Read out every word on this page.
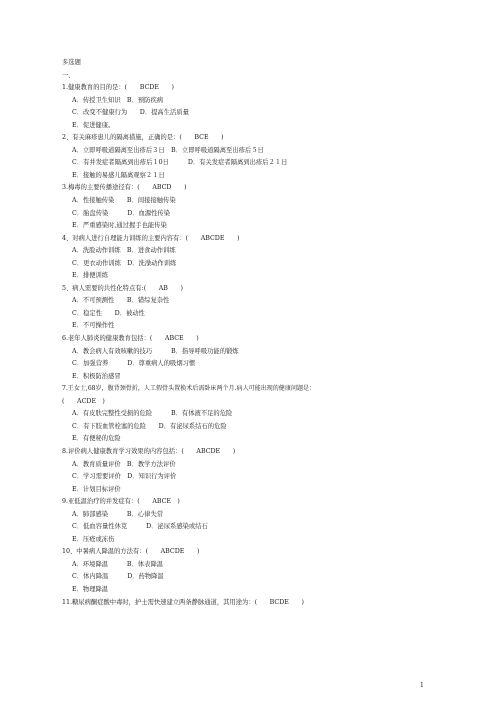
多选题
一、
1.健康教育的目的是：(　　BCDE　　)
A．传授卫生知识　B．预防疾病
C．改变不健康行为　　D．提高生活质量
E．促进健康。
2、有关麻疹患儿的隔离措施，正确的是：(　　BCE　　)
A．立即呼吸道隔离至出疹后３日　B．立即呼吸道隔离至出疹后５日
C．有并发症者隔离到出疹后１0日　　　D．有关发症者隔离到出疹后２１日
E．接触的易感儿隔离观察２１日
3.梅毒的主要传播途径有：(　　ABCD　　)
A．性接触传染　　B．间接接触传染
C．胎盘传染　　　D．血源性传染
E．严重感染时,通过握手也能传染
4、对病人进行自理能力训练的主要内容有：(　　ABCDE　　)
A．洗脸动作训练　B．进食动作训练
C．更衣动作训练　D．洗澡动作训练
E．排便训练
5、病人需要的共性化特点有:(　　AB　　)
A．不可预测性　　B．错综复杂性
C．稳定性　　D．被动性
E．不可操作性
6.老年人肺炎的健康教育包括：(　　ABCE　　)
A．教会病人有效咳嗽的技巧　　　B．指导呼吸功能的锻炼
C．加强营养　　　D．尊重病人的吸烟习惯
E．积极防治感冒
7.王女士,68岁，腹背颈骨折，人工假骨头置换术后需卧床两个月.病人可能出现的健康问题是：
(　　ACDE　)
A．有皮肤完整性受损的危险　　　B．有体液不足的危险
C．有下肢血管栓塞的危险　　D．有泌尿系结石的危险
E．有便秘的危险
8.评价病人健康教育学习效果的内容包括：(　　ABCDE　　)
A．教育质量评价　B．教学方法评价
C．学习需要评价　D．知识行为评价
E．计划目标评价
9.亚低温治疗的并发症有：(　　ABCE　)
A．肺部感染　　　B．心律失常
C．低血容量性休克　　　D．泌尿系感染或结石
E．压疮或冻伤
10、中暑病人降温的方法有：(　　ABCDE　　)
A．环境降温　　　B．体表降温
C．体内降温　　　D．药物降温
E．物理降温
11.糖尿病酮症酸中毒时，护士需快速建立两条静脉通道，其用途为：(　　BCDE　　)
1
